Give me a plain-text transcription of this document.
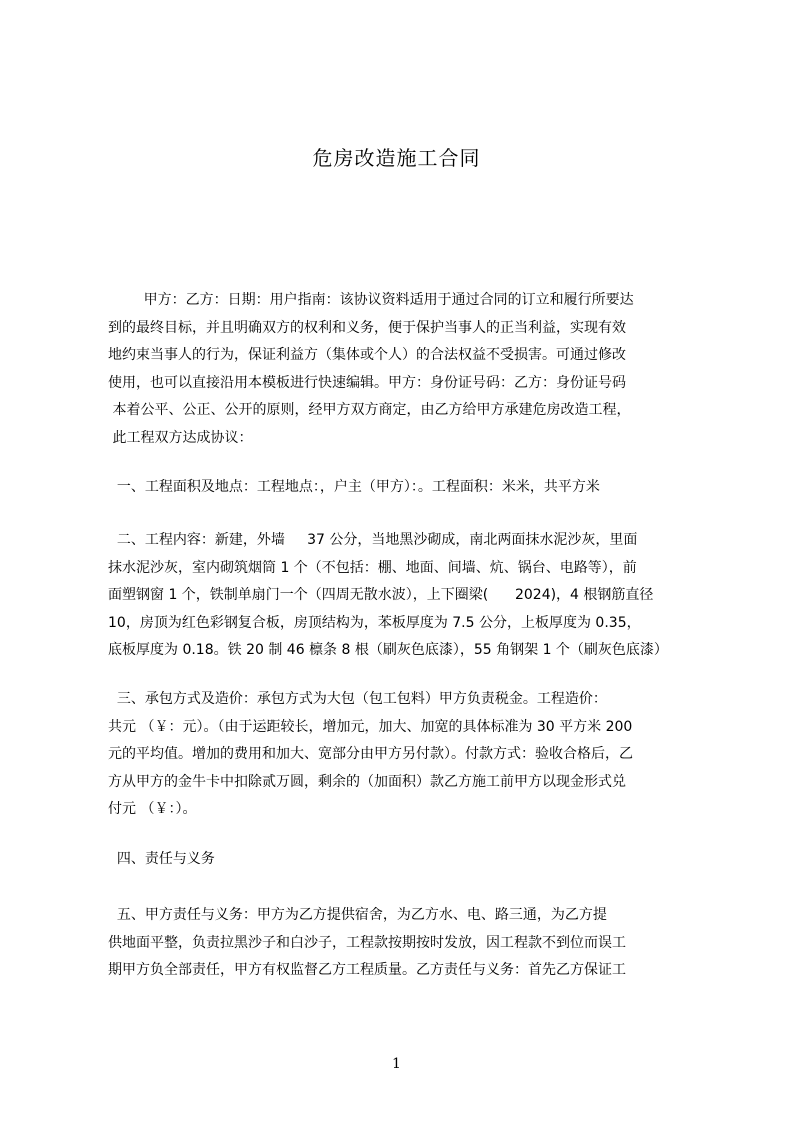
危房改造施工合同
甲方：乙方：日期：用户指南：该协议资料适用于通过合同的订立和履行所要达
到的最终目标，并且明确双方的权利和义务，便于保护当事人的正当利益，实现有效
地约束当事人的行为，保证利益方（集体或个人）的合法权益不受损害。可通过修改
使用，也可以直接沿用本模板进行快速编辑。甲方：身份证号码：乙方：身份证号码
本着公平、公正、公开的原则，经甲方双方商定，由乙方给甲方承建危房改造工程，
此工程双方达成协议：
一、工程面积及地点：工程地点：，户主（甲方）：。工程面积：米米，共平方米
二、工程内容：新建，外墙     37 公分，当地黑沙砌成，南北两面抹水泥沙灰，里面
抹水泥沙灰，室内砌筑烟筒 1 个（不包括：棚、地面、间墙、炕、锅台、电路等），前
面塑钢窗 1 个，铁制单扇门一个（四周无散水波），上下圈梁(      2024)，4 根钢筋直径
10，房顶为红色彩钢复合板，房顶结构为，苯板厚度为 7.5 公分，上板厚度为 0.35，
底板厚度为 0.18。铁 20 制 46 檩条 8 根（刷灰色底漆），55 角钢架 1 个（刷灰色底漆）
三、承包方式及造价：承包方式为大包（包工包料）甲方负责税金。工程造价：
共元 （￥：元）。（由于运距较长，增加元，加大、加宽的具体标准为 30 平方米 200
元的平均值。增加的费用和加大、宽部分由甲方另付款）。付款方式：验收合格后，乙
方从甲方的金牛卡中扣除贰万圆，剩余的（加面积）款乙方施工前甲方以现金形式兑
付元 （￥：）。
四、责任与义务
五、甲方责任与义务：甲方为乙方提供宿舍，为乙方水、电、路三通，为乙方提
供地面平整，负责拉黑沙子和白沙子，工程款按期按时发放，因工程款不到位而误工
期甲方负全部责任，甲方有权监督乙方工程质量。乙方责任与义务：首先乙方保证工
1
